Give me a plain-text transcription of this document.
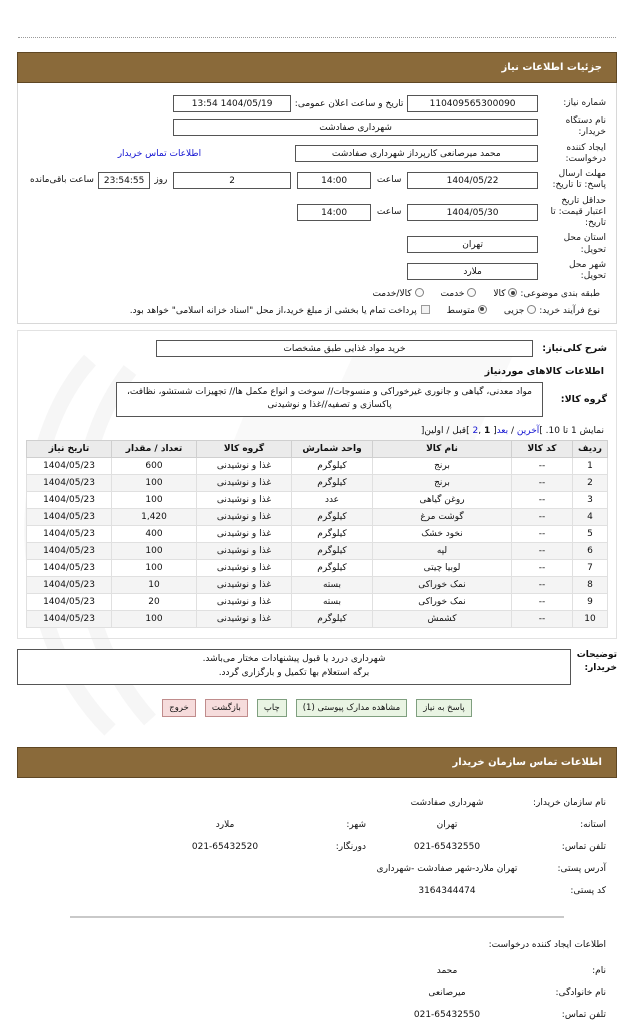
جزئیات اطلاعات نیاز
شماره نیاز:	
110409565300090
	تاریخ و ساعت اعلان عمومی:	
1404/05/19 13:54

نام دستگاه خریدار:	
شهرداری صفادشت

ایجاد کننده درخواست:	
محمد میرصانعی کارپرداز شهرداری صفادشت
	اطلاعات تماس خریدار
مهلت ارسال پاسخ: تا تاریخ:	
1404/05/22

ساعت	
14:00

2

روز	
23:54:55
	ساعت باقی‌مانده

حداقل تاریخ اعتبار قیمت: تا تاریخ:	
1404/05/30

ساعت	
14:00

استان محل تحویل:	
تهران

شهر محل تحویل:	
ملارد

طبقه بندی موضوعی: کالا خدمت کالا/خدمت
نوع فرآیند خرید: جزیی متوسط پرداخت تمام یا بخشی از مبلغ خرید،از محل "اسناد خزانه اسلامی" خواهد بود.
شرح کلی‌نیاز:	
خرید مواد غذایی طبق مشخصات
اطلاعات کالاهای موردنیاز
گروه کالا:	
مواد معدنی، گیاهی و جانوری غیرخوراکی و منسوجات// سوخت و انواع مکمل ها// تجهیزات شستشو، نظافت، پاکسازی و تصفیه//غذا و نوشیدنی
نمایش 1 تا 10. ]آخرین / بعد[ 1 ,2 ]قبل / اولین[
ردیف	کد کالا	نام کالا	واحد شمارش	گروه کالا	تعداد / مقدار	تاریخ نیاز
1	--	برنج	کیلوگرم	غذا و نوشیدنی	600	1404/05/23
2	--	برنج	کیلوگرم	غذا و نوشیدنی	100	1404/05/23
3	--	روغن گیاهی	عدد	غذا و نوشیدنی	100	1404/05/23
4	--	گوشت مرغ	کیلوگرم	غذا و نوشیدنی	1,420	1404/05/23
5	--	نخود خشک	کیلوگرم	غذا و نوشیدنی	400	1404/05/23
6	--	لپه	کیلوگرم	غذا و نوشیدنی	100	1404/05/23
7	--	لوبیا چیتی	کیلوگرم	غذا و نوشیدنی	100	1404/05/23
8	--	نمک خوراکی	بسته	غذا و نوشیدنی	10	1404/05/23
9	--	نمک خوراکی	بسته	غذا و نوشیدنی	20	1404/05/23
10	--	کشمش	کیلوگرم	غذا و نوشیدنی	100	1404/05/23
توضیحات
خریدار:
شهرداری دررد یا قبول پیشنهادات مختار می‌باشد.
برگه استعلام بها تکمیل و بارگزاری گردد.
پاسخ به نیاز
مشاهده مدارک پیوستی (1)
چاپ
بازگشت
خروج
اطلاعات تماس سازمان خریدار
نام سازمان خریدار:	شهرداری صفادشت			
استانه:	تهران	شهر:	ملارد	
تلفن تماس:	021-65432550	دورنگار:	021-65432520	
آدرس پستی:	تهران ملارد-شهر صفادشت -شهرداری			
کد پستی:	3164344474			
اطلاعات ایجاد کننده درخواست:		
نام:	محمد	
نام خانوادگی:	میرصانعی	
تلفن تماس:	021-65432550	
